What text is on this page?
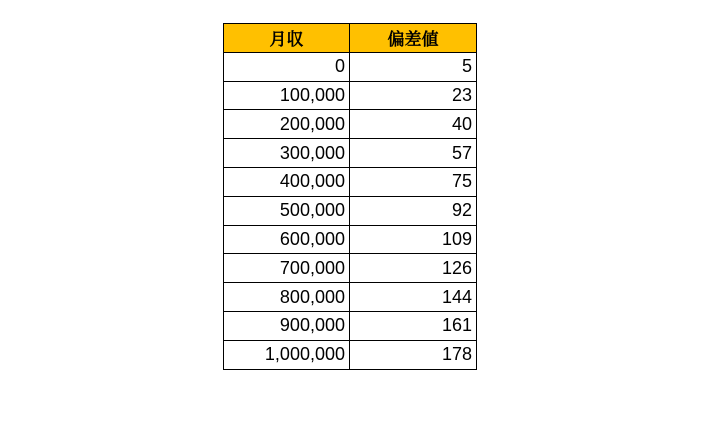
月収	偏差値
0	5
100,000	23
200,000	40
300,000	57
400,000	75
500,000	92
600,000	109
700,000	126
800,000	144
900,000	161
1,000,000	178
